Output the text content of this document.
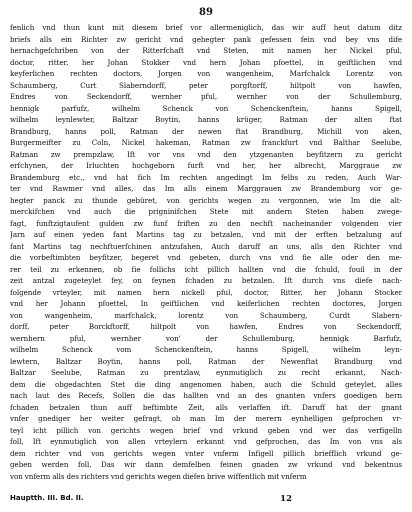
89
fenlich vnd thun kunt mit diesem brief vor allermeniglich, das wir auff heut datum ditz
briefs alls ein Richter zw gericht vnd gehegter pank gefessen fein vnd bey vns dife
hernachgefchriben von der Ritterfchaft vnd Steten, mit namen her Nickel pful,
doctor, ritter, her Johan Stokker vnd hern Johan pfoettel, in geiftlichen vnd
keyferlichen rechten doctors, Jorgen von wangenheim, Marfchalck Lorentz von
Schaumberg, Curt Slaberndorff, peter porgftorff, hiltpolt von hawfen,
Endres von Seckendorff, wernher pful, wernher von der Schullemburg,
hennigk parfufz, wilhelm Schenck von Schenckenftein, hanns Spigell,
wilhelm leynlewter, Baltzar Boytin, hanns krüger, Ratman der alten ftat
Brandburg, hanns poll, Ratman der newen ftat Brandburg, Michill von aken,
Burgermeifter zu Coln, Nickel hakeman, Ratman zw franckfurt vnd Balthar Seelube,
Ratman zw prempzlaw, Ift vor vns vnd den ytzgenanten beyfitzern zu gericht
erfchynen, der Irluchten hochgeborn furft vnd her, her albrecht, Marggraue zw
Brandemburg etc., vnd hat fich Im rechten angedingt Im felbs zu reden, Auch War-
ter vnd Rawmer vnd alles, das Im alls einem Marggrauen zw Brandemburg vor ge-
hegter panck zu thunde gebüret, von gerichts wegen zu vergonnen, wie Im die alt-
merckifchen vnd auch die prigninifchen Stete mit andern Steten haben zwege-
fagt, funftzigtaufent gulden zw funf friften zu den nechft nacheinander volgenden vier
Jarn auf einen yeden fant Martins tag zu betzalen, vnd mit der erften betzalung auf
fant Martins tag nechftuerfchinen antzufahen, Auch daruff an uns, alls den Richter vnd
die vorbeftimbten beyfitzer, begeret vnd gebeten, durch vns vnd fie alle oder den me-
rer teil zu erkennen, ob fie follichs icht pillich hallten vnd die fchuld, fouil in der
zeit antzal zugeteylet fey, on feynen fchaden zu betzalen. Ift durch vns diefe nach-
folgende vrteyler, mit namen hern nickell pful, doctor, Ritter, her Johann Stocker
vnd her Johann pfoettel, In geiftlichen vnd keiferlichen rechten doctores, Jorgen
von wangenheim, marfchalck, lorentz von Schaumberg, Curdt Slabern-
dorff, peter Borckftorff, hiltpolt von hawfen, Endres von Seckendorff,
wernhern pful, wernher von' der Schullemburg, hennigk Barfufz,
wilhelm Schenck vom Schenckenftein, hanns Spigell, wilhelm leyn-
lewtern, Baltzar Boytin, hanns poll, Ratman der Newenftat Brandburg vnd
Baltzar Seelube, Ratman zu prentzlaw, eynmutiglich zu recht erkannt, Nach-
dem die obgedachten Stet die ding angenomen haben, auch die Schuld geteylet, alles
nach laut des Recefs, Sollen die das hallten vnd an des gnanten vnfers goedigen hern
fchaden betzalen thun auff beftimbte Zeit, alls verlaffen ift. Daruff hat der gnant
vnfer gnediger her weiter gefragt, ob man Im der merern eynhelligen gefprochen vr-
teyl icht pillich von gerichts wegen brief vnd vrkund geben vnd wer das verfigelln
foll, Ift eynmutiglich von allen vrteylern erkannt vnd gefprochen, das Im von vns als
dem richter vnd von gerichts wegen vnter vnferm Infigell pillich briefflich vrkund ge-
geben werden foll, Das wir dann demfelben feinen gnaden zw vrkund vnd bekentnus
von vnferm alls des richters vnd gerichts wegen diefen brive wiffentlich mit vnferm
Hauptth. III. Bd. II.	12
